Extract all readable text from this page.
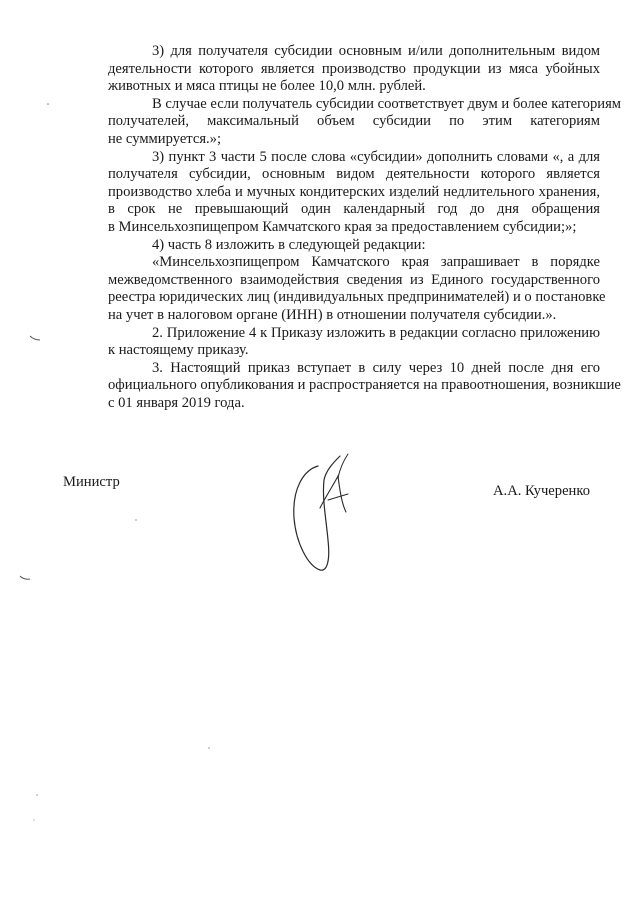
3) для получателя субсидии основным и/или дополнительным видом
деятельности которого является производство продукции из мяса убойных
животных и мяса птицы не более 10,0 млн. рублей.

В случае если получатель субсидии соответствует двум и более категориям
получателей, максимальный объем субсидии по этим категориям
не суммируется.»;

3) пункт 3 части 5 после слова «субсидии» дополнить словами «, а для
получателя субсидии, основным видом деятельности которого является
производство хлеба и мучных кондитерских изделий недлительного хранения,
в срок не превышающий один календарный год до дня обращения
в Минсельхозпищепром Камчатского края за предоставлением субсидии;»;

4) часть 8 изложить в следующей редакции:

«Минсельхозпищепром Камчатского края запрашивает в порядке
межведомственного взаимодействия сведения из Единого государственного
реестра юридических лиц (индивидуальных предпринимателей) и о постановке
на учет в налоговом органе (ИНН) в отношении получателя субсидии.».

2. Приложение 4 к Приказу изложить в редакции согласно приложению
к настоящему приказу.

3. Настоящий приказ вступает в силу через 10 дней после дня его
официального опубликования и распространяется на правоотношения, возникшие
с 01 января 2019 года.

Министр
А.А. Кучеренко
